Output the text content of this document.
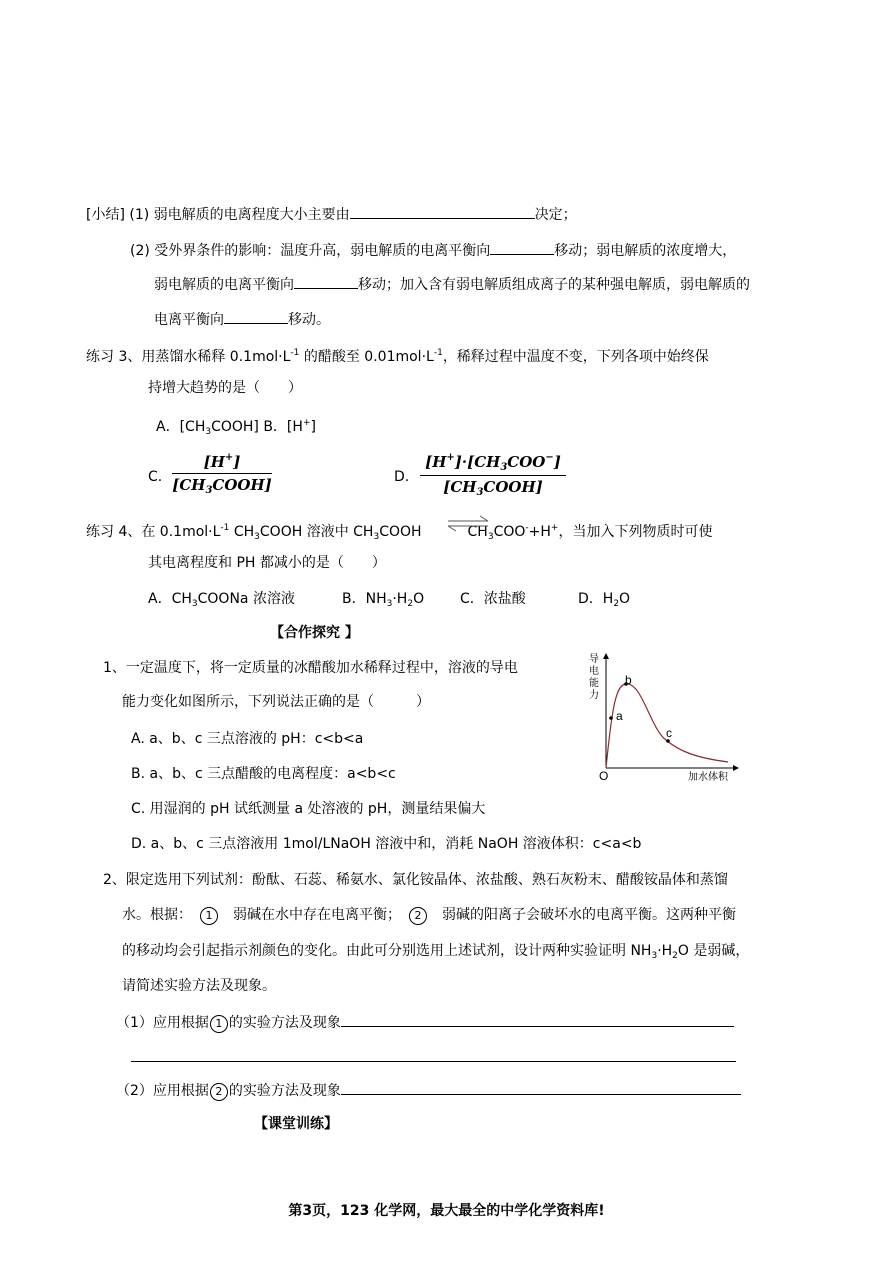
[小结] (1) 弱电解质的电离程度大小主要由	决定；
(2) 受外界条件的影响：温度升高，弱电解质的电离平衡向	移动；弱电解质的浓度增大，
弱电解质的电离平衡向	移动；加入含有弱电解质组成离子的某种强电解质，弱电解质的
电离平衡向	移动。
练习 3、用蒸馏水稀释 $0.1mol\cdot L^{-1}$ 的醋酸至 $0.01mol\cdot L^{-1}$，稀释过程中温度不变，下列各项中始终保
持增大趋势的是（　　）
A．$[CH_3COOH]$ B．[H+]
C.
[H+]
$[CH_3COOH]$	D.
$[H^+]\cdot[CH_3COO^-]$
$[CH_3COOH]$
练习 4、在 $0.1mol\cdot L^{-1}$ $CH_3COOH$ 溶液中 $CH_3COOH$	$CH_3COO^-+H^+$，当加入下列物质时可使
其电离程度和 PH 都减小的是（　　）
A．$CH_3COONa$ 浓溶液	B．$NH_3\cdot H_2O$	C．浓盐酸	D．$H_2O$
【合作探究 】
1、一定温度下，将一定质量的冰醋酸加水稀释过程中，溶液的导电
能力变化如图所示，下列说法正确的是（　　　）
A. a、b、c 三点溶液的 pH：c<b<a
B. a、b、c 三点醋酸的电离程度：a<b<c
C. 用湿润的 pH 试纸测量 a 处溶液的 pH，测量结果偏大
D. a、b、c 三点溶液用 1mol/LNaOH 溶液中和，消耗 NaOH 溶液体积：c<a<b
a
b
c
O
导
电
能
力
加水体积
2、限定选用下列试剂：酚酞、石蕊、稀氨水、氯化铵晶体、浓盐酸、熟石灰粉末、醋酸铵晶体和蒸馏
水。根据：　 1　 弱碱在水中存在电离平衡；　 2　 弱碱的阳离子会破坏水的电离平衡。这两种平衡
的移动均会引起指示剂颜色的变化。由此可分别选用上述试剂，设计两种实验证明 $NH_3\cdot H_2O$ 是弱碱，
请简述实验方法及现象。
（1）应用根据 1 的实验方法及现象
（2）应用根据 2 的实验方法及现象
【课堂训练】
第3页，123 化学网，最大最全的中学化学资料库!
